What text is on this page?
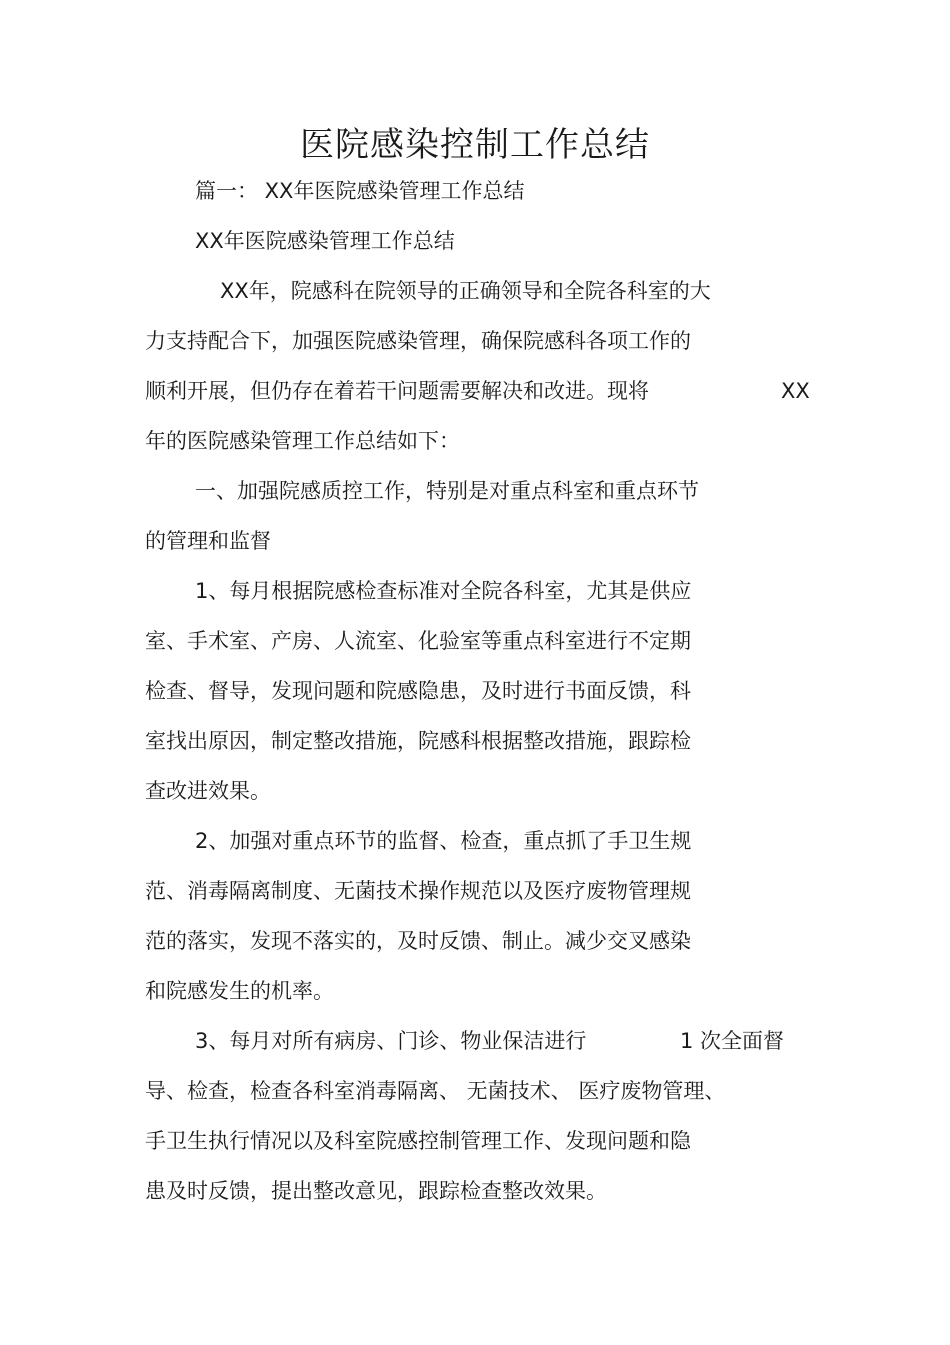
医院感染控制工作总结

篇一： XX年医院感染管理工作总结

XX年医院感染管理工作总结

XX年，院感科在院领导的正确领导和全院各科室的大

力支持配合下，加强医院感染管理，确保院感科各项工作的

顺利开展，但仍存在着若干问题需要解决和改进。现将	XX

年的医院感染管理工作总结如下：

一、加强院感质控工作，特别是对重点科室和重点环节

的管理和监督

1、每月根据院感检查标准对全院各科室，尤其是供应

室、手术室、产房、人流室、化验室等重点科室进行不定期

检查、督导，发现问题和院感隐患，及时进行书面反馈，科

室找出原因，制定整改措施，院感科根据整改措施，跟踪检

查改进效果。

2、加强对重点环节的监督、检查，重点抓了手卫生规

范、消毒隔离制度、无菌技术操作规范以及医疗废物管理规

范的落实，发现不落实的，及时反馈、制止。减少交叉感染

和院感发生的机率。

3、每月对所有病房、门诊、物业保洁进行	1 次全面督

导、检查，检查各科室消毒隔离、 无菌技术、 医疗废物管理、

手卫生执行情况以及科室院感控制管理工作、发现问题和隐

患及时反馈，提出整改意见，跟踪检查整改效果。
